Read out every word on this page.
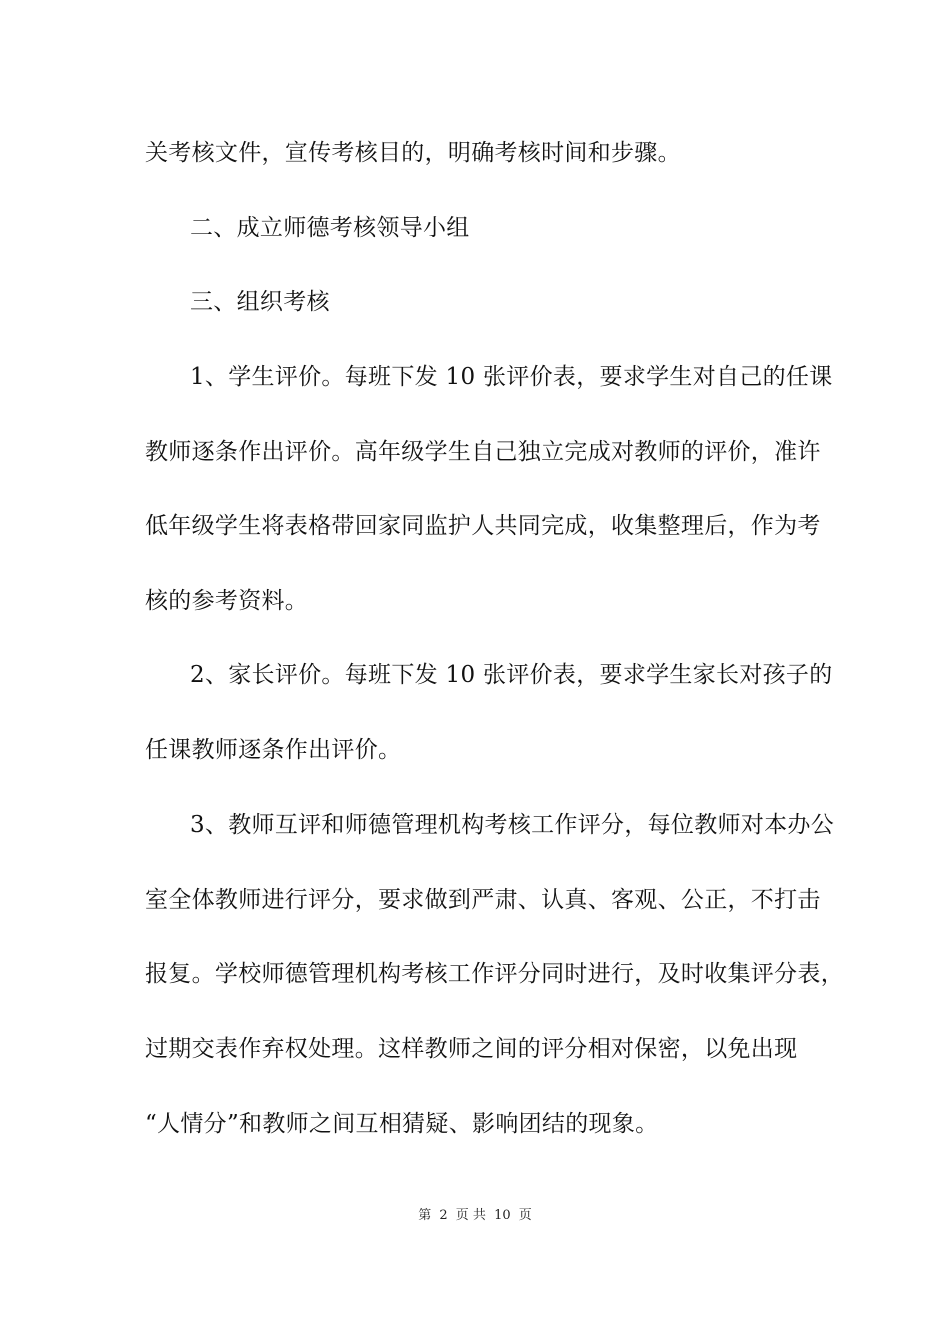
关考核文件，宣传考核目的，明确考核时间和步骤。
二、成立师德考核领导小组
三、组织考核
1、学生评价。每班下发 10 张评价表，要求学生对自己的任课
教师逐条作出评价。高年级学生自己独立完成对教师的评价，准许
低年级学生将表格带回家同监护人共同完成，收集整理后，作为考
核的参考资料。
2、家长评价。每班下发 10 张评价表，要求学生家长对孩子的
任课教师逐条作出评价。
3、教师互评和师德管理机构考核工作评分，每位教师对本办公
室全体教师进行评分，要求做到严肃、认真、客观、公正，不打击
报复。学校师德管理机构考核工作评分同时进行，及时收集评分表，
过期交表作弃权处理。这样教师之间的评分相对保密，以免出现
“人情分”和教师之间互相猜疑、影响团结的现象。
第 2 页 共 10 页
